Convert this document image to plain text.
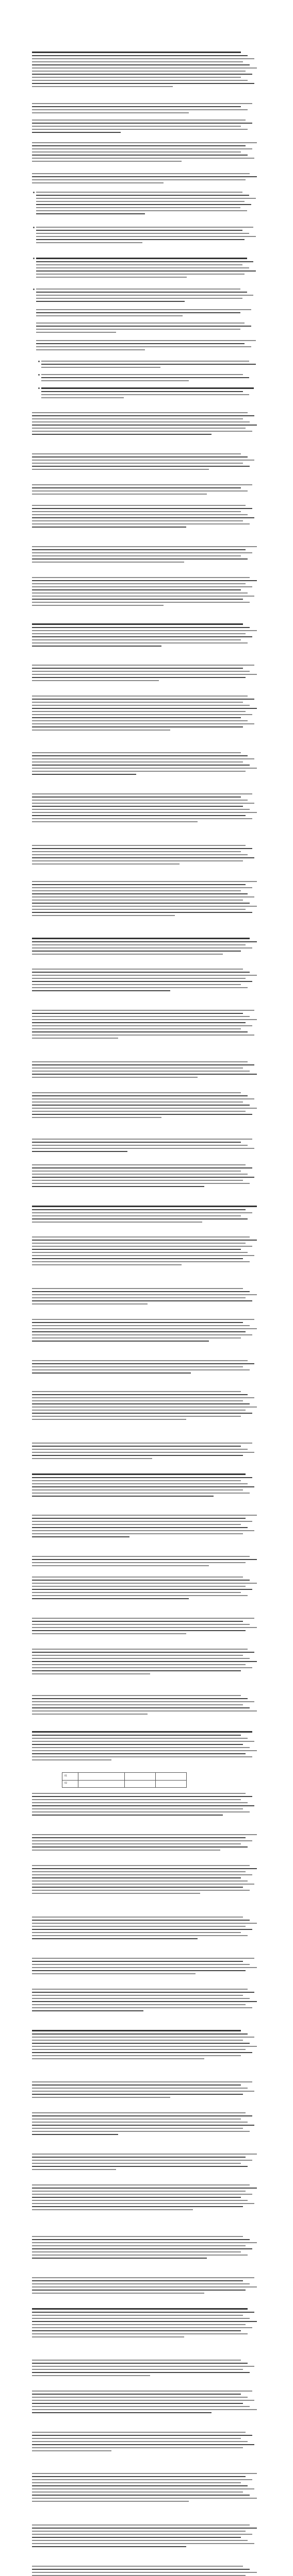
01
02
